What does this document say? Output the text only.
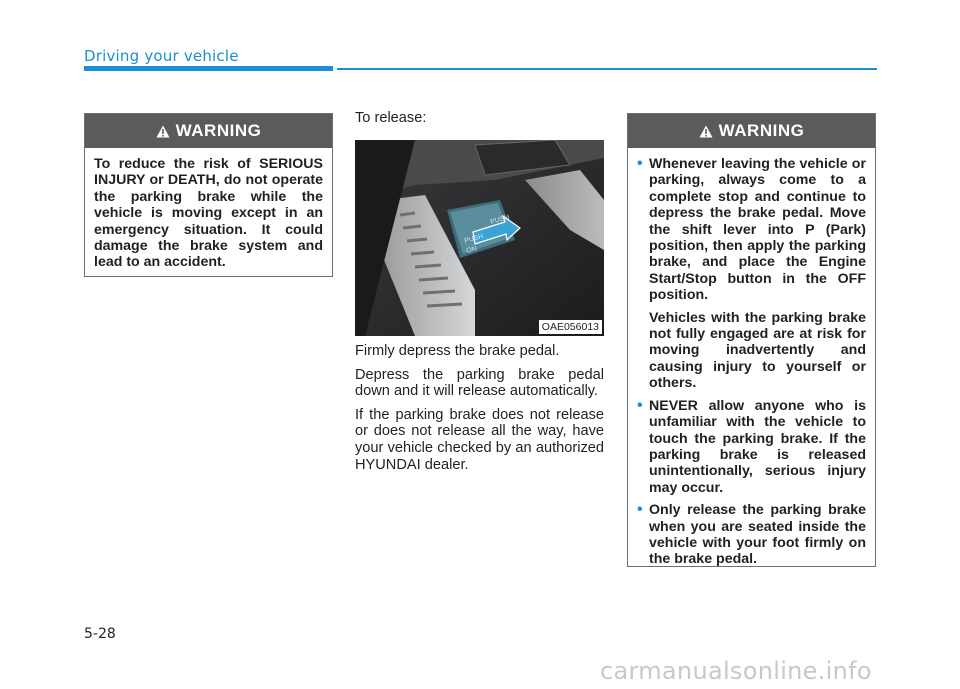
Driving your vehicle
WARNING
To reduce the risk of SERIOUS INJURY or DEATH, do not operate the parking brake while the vehicle is moving except in an emergency situation. It could damage the brake system and lead to an accident.

To release:

PUSH
ON
PUSH
OAE056013

Firmly depress the brake pedal.

Depress the parking brake pedal down and it will release automatically.

If the parking brake does not release or does not release all the way, have your vehicle checked by an authorized HYUNDAI dealer.

WARNING
• Whenever leaving the vehicle or parking, always come to a complete stop and continue to depress the brake pedal. Move the shift lever into P (Park) position, then apply the parking brake, and place the Engine Start/Stop button in the OFF position.

Vehicles with the parking brake not fully engaged are at risk for moving inadvertently and causing injury to yourself or others.

• NEVER allow anyone who is unfamiliar with the vehicle to touch the parking brake. If the parking brake is released unintentionally, serious injury may occur.
• Only release the parking brake when you are seated inside the vehicle with your foot firmly on the brake pedal.
5-28
carmanualsonline.info
